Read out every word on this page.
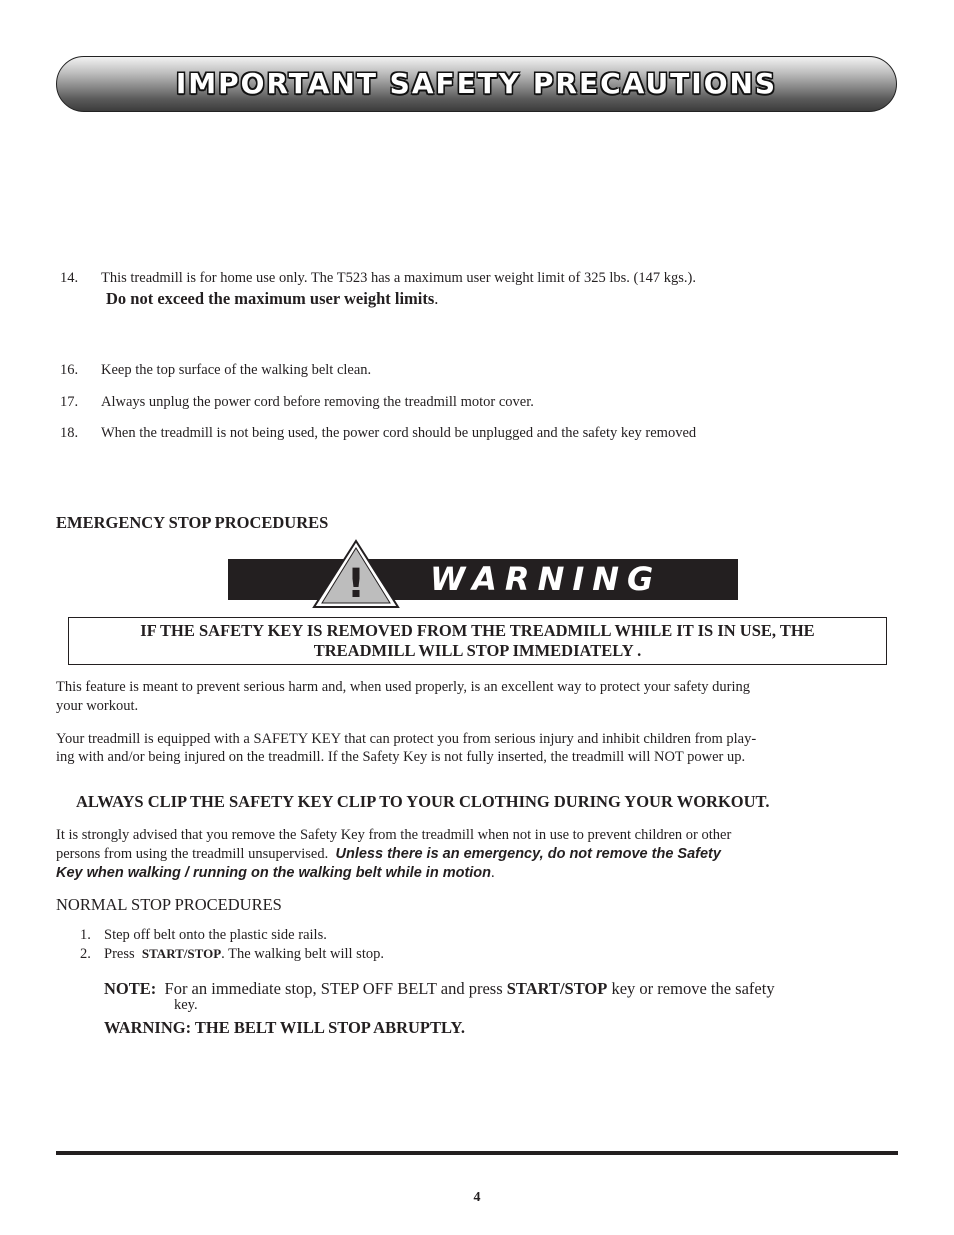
IMPORTANT SAFETY PRECAUTIONS
14. This treadmill is for home use only. The T523 has a maximum user weight limit of 325 lbs. (147 kgs.).
Do not exceed the maximum user weight limits.
16. Keep the top surface of the walking belt clean.
17. Always unplug the power cord before removing the treadmill motor cover.
18. When the treadmill is not being used, the power cord should be unplugged and the safety key removed
EMERGENCY STOP PROCEDURES
! WARNING
IF THE SAFETY KEY IS REMOVED FROM THE TREADMILL WHILE IT IS IN USE, THE
TREADMILL WILL STOP IMMEDIATELY .
This feature is meant to prevent serious harm and, when used properly, is an excellent way to protect your safety during
your workout.
Your treadmill is equipped with a SAFETY KEY that can protect you from serious injury and inhibit children from play-
ing with and/or being injured on the treadmill. If the Safety Key is not fully inserted, the treadmill will NOT power up.
ALWAYS CLIP THE SAFETY KEY CLIP TO YOUR CLOTHING DURING YOUR WORKOUT.
It is strongly advised that you remove the Safety Key from the treadmill when not in use to prevent children or other
persons from using the treadmill unsupervised. Unless there is an emergency, do not remove the Safety
Key when walking / running on the walking belt while in motion.
NORMAL STOP PROCEDURES
1. Step off belt onto the plastic side rails.
2. Press START/STOP. The walking belt will stop.
NOTE: For an immediate stop, STEP OFF BELT and press START/STOP key or remove the safety
key.
WARNING: THE BELT WILL STOP ABRUPTLY.
4
